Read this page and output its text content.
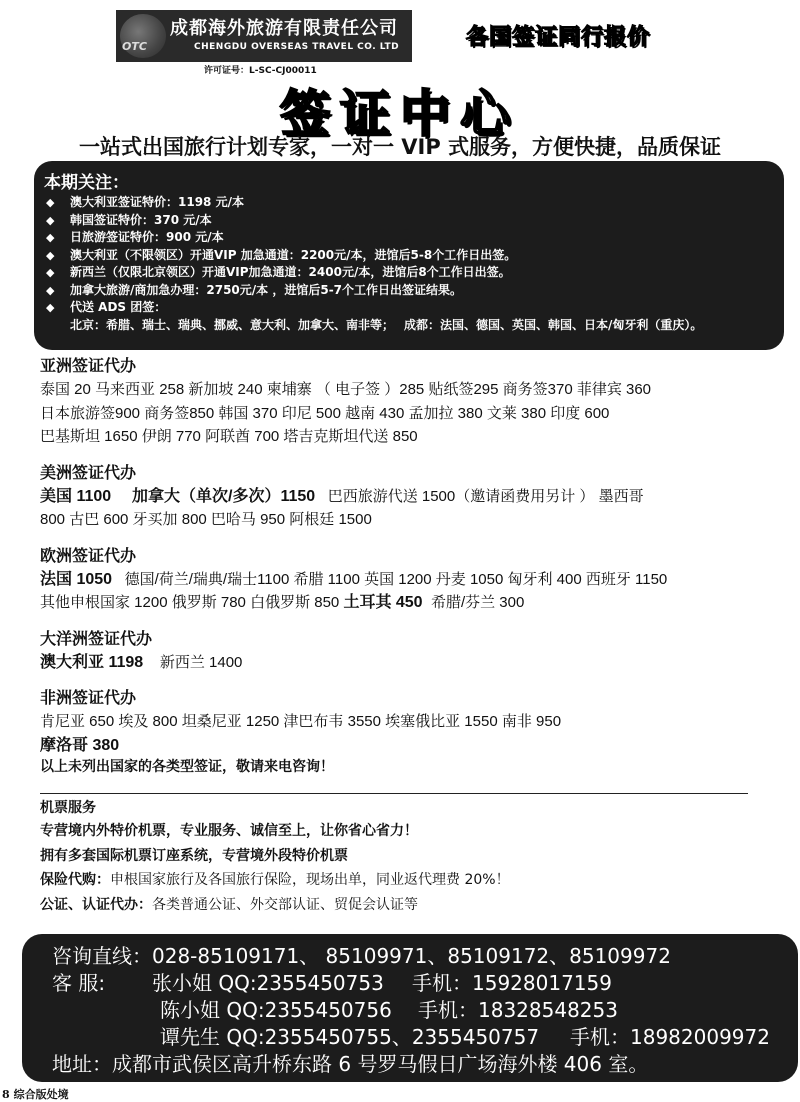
OTC
成都海外旅游有限责任公司
CHENGDU OVERSEAS TRAVEL CO. LTD
许可证号：L-SC-CJ00011
各国签证同行报价
签证中心
一站式出国旅行计划专家，一对一 VIP 式服务，方便快捷，品质保证
本期关注：
◆ 澳大利亚签证特价：1198 元/本
◆ 韩国签证特价：370 元/本
◆ 日旅游签证特价：900 元/本
◆ 澳大利亚（不限领区）开通VIP 加急通道：2200元/本，进馆后5-8个工作日出签。
◆ 新西兰（仅限北京领区）开通VIP加急通道：2400元/本，进馆后8个工作日出签。
◆ 加拿大旅游/商加急办理：2750元/本 ，进馆后5-7个工作日出签证结果。
◆ 代送 ADS 团签：
北京：希腊、瑞士、瑞典、挪威、意大利、加拿大、南非等； 成都：法国、德国、英国、韩国、日本/匈牙利（重庆）。
亚洲签证代办

泰国 20 马来西亚 258 新加坡 240 柬埔寨 （ 电子签 ）285 贴纸签295 商务签370 菲律宾 360

日本旅游签900 商务签850 韩国 370 印尼 500 越南 430 孟加拉 380 文莱 380 印度 600

巴基斯坦 1650 伊朗 770 阿联酋 700 塔吉克斯坦代送 850

美洲签证代办

美国 1100 加拿大（单次/多次）1150 巴西旅游代送 1500（邀请函费用另计 ） 墨西哥

800 古巴 600 牙买加 800 巴哈马 950 阿根廷 1500

欧洲签证代办

法国 1050 德国/荷兰/瑞典/瑞士1100 希腊 1100 英国 1200 丹麦 1050 匈牙利 400 西班牙 1150

其他申根国家 1200 俄罗斯 780 白俄罗斯 850 土耳其 450 希腊/芬兰 300

大洋洲签证代办

澳大利亚 1198 新西兰 1400

非洲签证代办

肯尼亚 650 埃及 800 坦桑尼亚 1250 津巴布韦 3550 埃塞俄比亚 1550 南非 950

摩洛哥 380

以上未列出国家的各类型签证，敬请来电咨询！
机票服务
专营境内外特价机票，专业服务、诚信至上，让你省心省力！
拥有多套国际机票订座系统，专营境外段特价机票
保险代购：申根国家旅行及各国旅行保险，现场出单，同业返代理费 20%！
公证、认证代办：各类普通公证、外交部认证、贸促会认证等
咨询直线：028-85109171、 85109971、85109172、85109972
客 服: 张小姐 QQ:2355450753 手机：15928017159
陈小姐 QQ:2355450756 手机：18328548253
谭先生 QQ:2355450755、2355450757 手机：18982009972
地址：成都市武侯区高升桥东路 6 号罗马假日广场海外楼 406 室。
8 综合版处境
